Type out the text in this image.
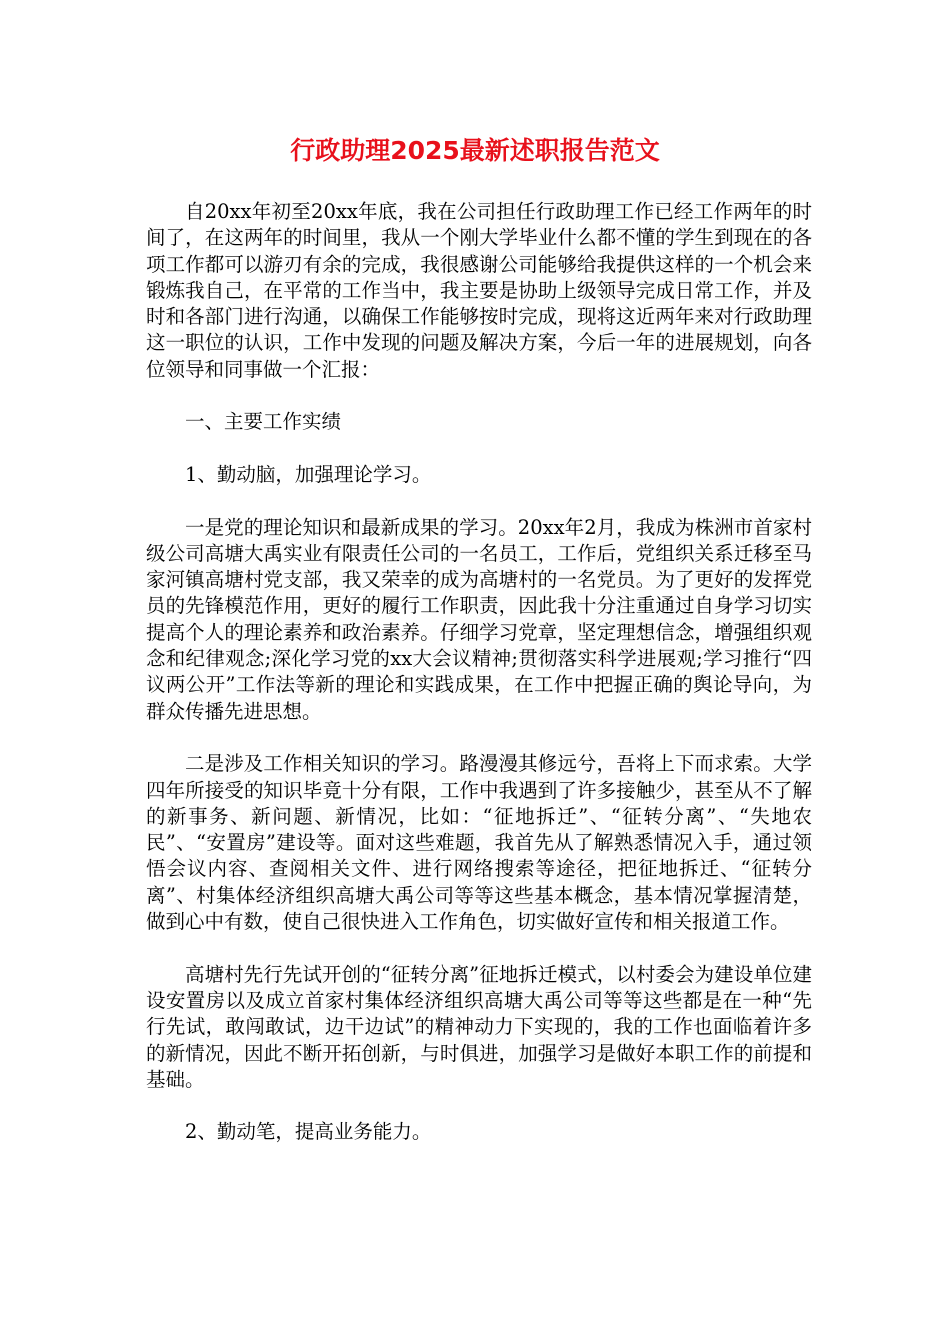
行政助理2025最新述职报告范文

自20xx年初至20xx年底，我在公司担任行政助理工作已经工作两年的时间了，在这两年的时间里，我从一个刚大学毕业什么都不懂的学生到现在的各项工作都可以游刃有余的完成，我很感谢公司能够给我提供这样的一个机会来锻炼我自己，在平常的工作当中，我主要是协助上级领导完成日常工作，并及时和各部门进行沟通，以确保工作能够按时完成，现将这近两年来对行政助理这一职位的认识，工作中发现的问题及解决方案，今后一年的进展规划，向各位领导和同事做一个汇报：

一、主要工作实绩

1、勤动脑，加强理论学习。

一是党的理论知识和最新成果的学习。20xx年2月，我成为株洲市首家村级公司高塘大禹实业有限责任公司的一名员工，工作后，党组织关系迁移至马家河镇高塘村党支部，我又荣幸的成为高塘村的一名党员。为了更好的发挥党员的先锋模范作用，更好的履行工作职责，因此我十分注重通过自身学习切实提高个人的理论素养和政治素养。仔细学习党章，坚定理想信念，增强组织观念和纪律观念;深化学习党的xx大会议精神;贯彻落实科学进展观;学习推行“四议两公开”工作法等新的理论和实践成果，在工作中把握正确的舆论导向，为群众传播先进思想。

二是涉及工作相关知识的学习。路漫漫其修远兮，吾将上下而求索。大学四年所接受的知识毕竟十分有限，工作中我遇到了许多接触少，甚至从不了解的新事务、新问题、新情况，比如：“征地拆迁”、“征转分离”、“失地农民”、“安置房”建设等。面对这些难题，我首先从了解熟悉情况入手，通过领悟会议内容、查阅相关文件、进行网络搜索等途径，把征地拆迁、“征转分离”、村集体经济组织高塘大禹公司等等这些基本概念，基本情况掌握清楚，做到心中有数，使自己很快进入工作角色，切实做好宣传和相关报道工作。

高塘村先行先试开创的“征转分离”征地拆迁模式，以村委会为建设单位建设安置房以及成立首家村集体经济组织高塘大禹公司等等这些都是在一种“先行先试，敢闯敢试，边干边试”的精神动力下实现的，我的工作也面临着许多的新情况，因此不断开拓创新，与时俱进，加强学习是做好本职工作的前提和基础。

2、勤动笔，提高业务能力。
